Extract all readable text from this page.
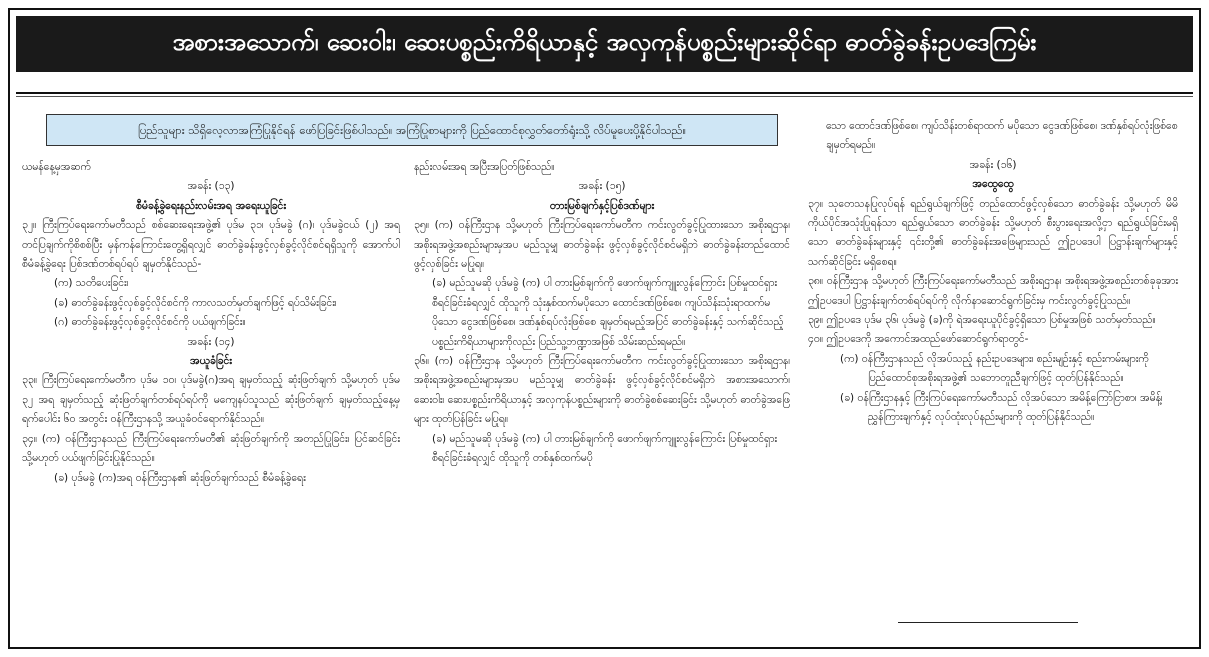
အစားအသောက်၊ ဆေးဝါး၊ ဆေးပစ္စည်းကိရိယာနှင့် အလှကုန်ပစ္စည်းများဆိုင်ရာ ဓာတ်ခွဲခန်းဥပဒေကြမ်း
ပြည်သူများ သိရှိလေ့လာအကြံပြုနိုင်ရန် ဖော်ပြခြင်းဖြစ်ပါသည်။ အကြံပြုစာများကို ပြည်ထောင်စုလွှတ်တော်ရုံးသို့ လိပ်မူပေးပို့နိုင်ပါသည်။

ယမန်နေ့မှအဆက်

အခန်း (၁၃)

စီမံခန့်ခွဲရေးနည်းလမ်းအရ အရေးယူခြင်း

၃၂။ ကြီးကြပ်ရေးကော်မတီသည် စစ်ဆေးရေးအဖွဲ့၏ ပုဒ်မ ၃၁၊ ပုဒ်မခွဲ (ဂ)၊ ပုဒ်မခွဲငယ် (၂) အရ တင်ပြချက်ကိုစိစစ်ပြီး မှန်ကန်ကြောင်းတွေ့ရှိရလျှင် ဓာတ်ခွဲခန်းဖွင့်လှစ်ခွင့်လိုင်စင်ရရှိသူကို အောက်ပါစီမံခန့်ခွဲရေး ပြစ်ဒဏ်တစ်ရပ်ရပ် ချမှတ်နိုင်သည်-

(က) သတိပေးခြင်း၊

(ခ) ဓာတ်ခွဲခန်းဖွင့်လှစ်ခွင့်လိုင်စင်ကို ကာလသတ်မှတ်ချက်ဖြင့် ရပ်သိမ်းခြင်း၊

(ဂ) ဓာတ်ခွဲခန်းဖွင့်လှစ်ခွင့်လိုင်စင်ကို ပယ်ဖျက်ခြင်း။

အခန်း (၁၄)

အယူခံခြင်း

၃၃။ ကြီးကြပ်ရေးကော်မတီက ပုဒ်မ ၁၀၊ ပုဒ်မခွဲ(ဂ)အရ ချမှတ်သည့် ဆုံးဖြတ်ချက် သို့မဟုတ် ပုဒ်မ ၃၂ အရ ချမှတ်သည့် ဆုံးဖြတ်ချက်တစ်ရပ်ရပ်ကို မကျေနပ်သူသည် ဆုံးဖြတ်ချက် ချမှတ်သည့်နေ့မှ ရက်ပေါင်း ၆၀ အတွင်း ဝန်ကြီးဌာနသို့ အယူခံဝင်ရောက်နိုင်သည်။

၃၄။ (က) ဝန်ကြီးဌာနသည် ကြီးကြပ်ရေးကော်မတီ၏ ဆုံးဖြတ်ချက်ကို အတည်ပြုခြင်း၊ ပြင်ဆင်ခြင်း သို့မဟုတ် ပယ်ဖျက်ခြင်းပြုနိုင်သည်။

(ခ) ပုဒ်မခွဲ (က)အရ ဝန်ကြီးဌာန၏ ဆုံးဖြတ်ချက်သည် စီမံခန့်ခွဲရေး

နည်းလမ်းအရ အပြီးအပြတ်ဖြစ်သည်။

အခန်း (၁၅)

တားမြစ်ချက်နှင့်ပြစ်ဒဏ်များ

၃၅။ (က) ဝန်ကြီးဌာန သို့မဟုတ် ကြီးကြပ်ရေးကော်မတီက ကင်းလွတ်ခွင့်ပြုထားသော အစိုးရဌာန၊ အစိုးရအဖွဲ့အစည်းများမှအပ မည်သူမျှ ဓာတ်ခွဲခန်း ဖွင့်လှစ်ခွင့်လိုင်စင်မရှိဘဲ ဓာတ်ခွဲခန်းတည်ထောင်ဖွင့်လှစ်ခြင်း မပြုရ။

(ခ) မည်သူမဆို ပုဒ်မခွဲ (က) ပါ တားမြစ်ချက်ကို ဖောက်ဖျက်ကျူးလွန်ကြောင်း ပြစ်မှုထင်ရှားစီရင်ခြင်းခံရလျှင် ထိုသူကို သုံးနှစ်ထက်မပိုသော ထောင်ဒဏ်ဖြစ်စေ၊ ကျပ်သိန်းသုံးရာထက်မပိုသော ငွေဒဏ်ဖြစ်စေ၊ ဒဏ်နှစ်ရပ်လုံးဖြစ်စေ ချမှတ်ရမည့်အပြင် ဓာတ်ခွဲခန်းနှင့် သက်ဆိုင်သည့် ပစ္စည်းကိရိယာများကိုလည်း ပြည်သူ့ဘဏ္ဍာအဖြစ် သိမ်းဆည်းရမည်။

၃၆။ (က) ဝန်ကြီးဌာန သို့မဟုတ် ကြီးကြပ်ရေးကော်မတီက ကင်းလွတ်ခွင့်ပြုထားသော အစိုးရဌာန၊ အစိုးရအဖွဲ့အစည်းများမှအပ မည်သူမျှ ဓာတ်ခွဲခန်း ဖွင့်လှစ်ခွင့်လိုင်စင်မရှိဘဲ အစားအသောက်၊ ဆေးဝါး၊ ဆေးပစ္စည်းကိရိယာနှင့် အလှကုန်ပစ္စည်းများကို ဓာတ်ခွဲစစ်ဆေးခြင်း သို့မဟုတ် ဓာတ်ခွဲအဖြေများ ထုတ်ပြန်ခြင်း မပြုရ။

(ခ) မည်သူမဆို ပုဒ်မခွဲ (က) ပါ တားမြစ်ချက်ကို ဖောက်ဖျက်ကျူးလွန်ကြောင်း ပြစ်မှုထင်ရှားစီရင်ခြင်းခံရလျှင် ထိုသူကို တစ်နှစ်ထက်မပို

သော ထောင်ဒဏ်ဖြစ်စေ၊ ကျပ်သိန်းတစ်ရာထက် မပိုသော ငွေဒဏ်ဖြစ်စေ၊ ဒဏ်နှစ်ရပ်လုံးဖြစ်စေ ချမှတ်ရမည်။

အခန်း (၁၆)

အထွေထွေ

၃၇။ သုတေသနပြုလုပ်ရန် ရည်ရွယ်ချက်ဖြင့် တည်ထောင်ဖွင့်လှစ်သော ဓာတ်ခွဲခန်း သို့မဟုတ် မိမိကိုယ်ပိုင်အသုံးပြုရန်သာ ရည်ရွယ်သော ဓာတ်ခွဲခန်း သို့မဟုတ် စီးပွားရေးအလို့ငှာ ရည်ရွယ်ခြင်းမရှိသော ဓာတ်ခွဲခန်းများနှင့် ၎င်းတို့၏ ဓာတ်ခွဲခန်းအဖြေများသည် ဤဥပဒေပါ ပြဋ္ဌာန်းချက်များနှင့် သက်ဆိုင်ခြင်း မရှိစေရ။

၃၈။ ဝန်ကြီးဌာန သို့မဟုတ် ကြီးကြပ်ရေးကော်မတီသည် အစိုးရဌာန၊ အစိုးရအဖွဲ့အစည်းတစ်ခုခုအား ဤဥပဒေပါ ပြဋ္ဌာန်းချက်တစ်ရပ်ရပ်ကို လိုက်နာဆောင်ရွက်ခြင်းမှ ကင်းလွတ်ခွင့်ပြုသည်။

၃၉။ ဤဥပဒေ ပုဒ်မ ၃၆၊ ပုဒ်မခွဲ (ခ)ကို ရဲအရေးယူပိုင်ခွင့်ရှိသော ပြစ်မှုအဖြစ် သတ်မှတ်သည်။

၄၀။ ဤဥပဒေကို အကောင်အထည်ဖော်ဆောင်ရွက်ရာတွင်-

(က) ဝန်ကြီးဌာနသည် လိုအပ်သည့် နည်းဥပဒေများ၊ စည်းမျဉ်းနှင့် စည်းကမ်းများကို ပြည်ထောင်စုအစိုးရအဖွဲ့၏ သဘောတူညီချက်ဖြင့် ထုတ်ပြန်နိုင်သည်။

(ခ) ဝန်ကြီးဌာနနှင့် ကြီးကြပ်ရေးကော်မတီသည် လိုအပ်သော အမိန့်ကြော်ငြာစာ၊ အမိန့်၊ ညွှန်ကြားချက်နှင့် လုပ်ထုံးလုပ်နည်းများကို ထုတ်ပြန်နိုင်သည်။
